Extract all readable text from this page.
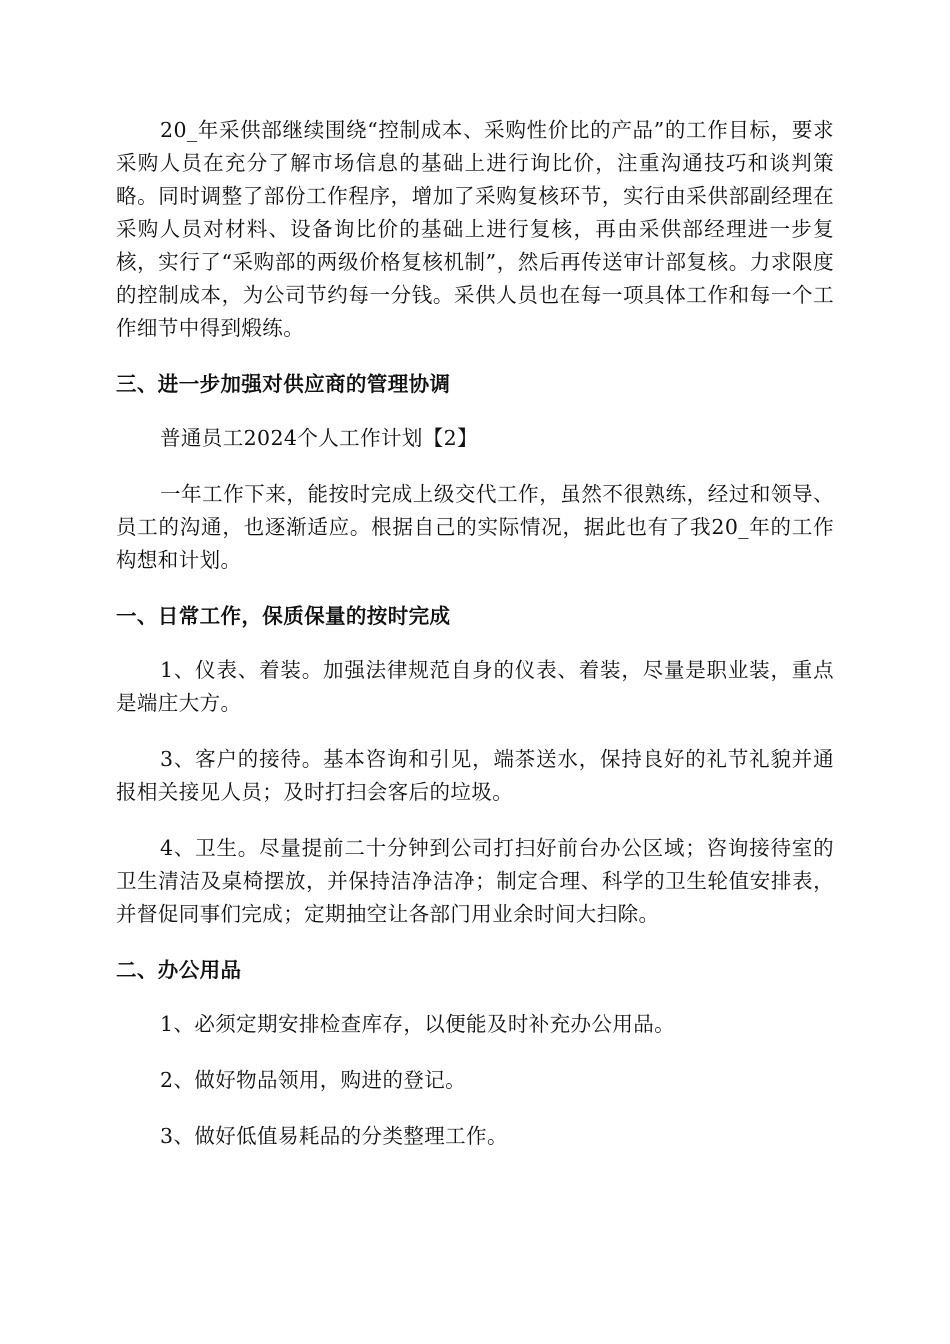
20_年采供部继续围绕“控制成本、采购性价比的产品”的工作目标，要求采购人员在充分了解市场信息的基础上进行询比价，注重沟通技巧和谈判策略。同时调整了部份工作程序，增加了采购复核环节，实行由采供部副经理在采购人员对材料、设备询比价的基础上进行复核，再由采供部经理进一步复核，实行了“采购部的两级价格复核机制”，然后再传送审计部复核。力求限度的控制成本，为公司节约每一分钱。采供人员也在每一项具体工作和每一个工作细节中得到煅练。

三、进一步加强对供应商的管理协调

普通员工2024个人工作计划【2】

一年工作下来，能按时完成上级交代工作，虽然不很熟练，经过和领导、员工的沟通，也逐渐适应。根据自己的实际情况，据此也有了我20_年的工作构想和计划。

一、日常工作，保质保量的按时完成

1、仪表、着装。加强法律规范自身的仪表、着装，尽量是职业装，重点是端庄大方。

3、客户的接待。基本咨询和引见，端茶送水，保持良好的礼节礼貌并通报相关接见人员；及时打扫会客后的垃圾。

4、卫生。尽量提前二十分钟到公司打扫好前台办公区域；咨询接待室的卫生清洁及桌椅摆放，并保持洁净洁净；制定合理、科学的卫生轮值安排表，并督促同事们完成；定期抽空让各部门用业余时间大扫除。

二、办公用品

1、必须定期安排检查库存，以便能及时补充办公用品。

2、做好物品领用，购进的登记。

3、做好低值易耗品的分类整理工作。
